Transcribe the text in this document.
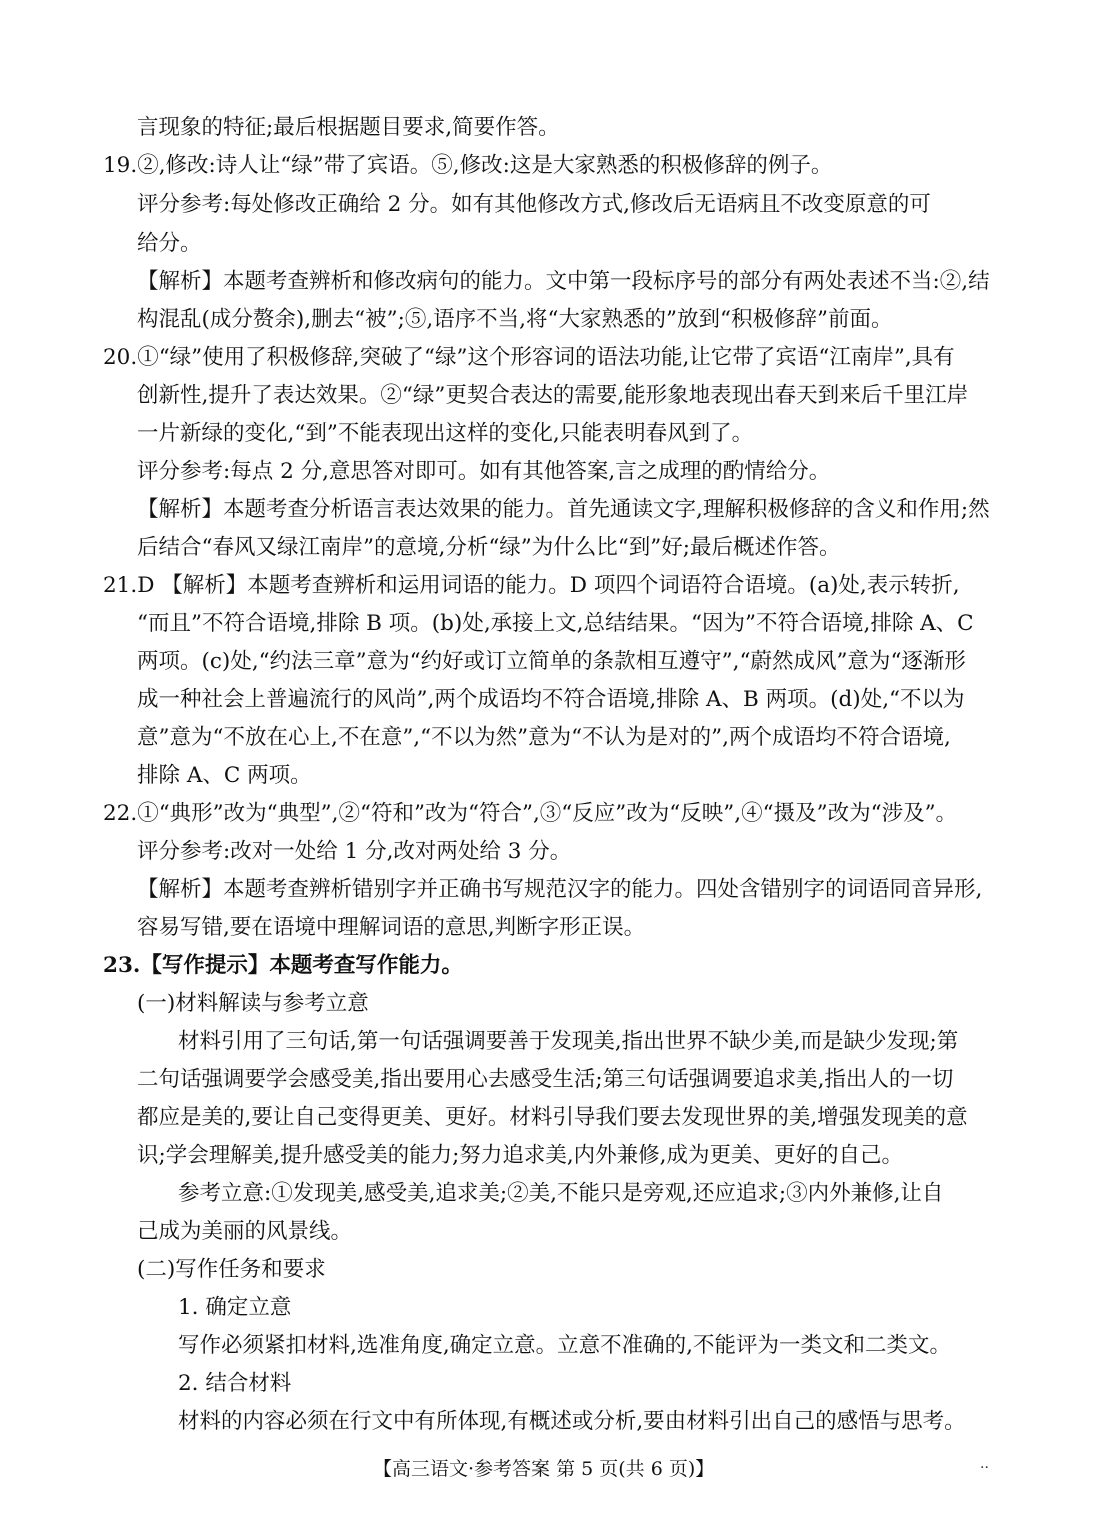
言现象的特征;最后根据题目要求,简要作答。
19.②,修改:诗人让“绿”带了宾语。⑤,修改:这是大家熟悉的积极修辞的例子。
评分参考:每处修改正确给 2 分。如有其他修改方式,修改后无语病且不改变原意的可
给分。
【解析】本题考查辨析和修改病句的能力。文中第一段标序号的部分有两处表述不当:②,结
构混乱(成分赘余),删去“被”;⑤,语序不当,将“大家熟悉的”放到“积极修辞”前面。
20.①“绿”使用了积极修辞,突破了“绿”这个形容词的语法功能,让它带了宾语“江南岸”,具有
创新性,提升了表达效果。②“绿”更契合表达的需要,能形象地表现出春天到来后千里江岸
一片新绿的变化,“到”不能表现出这样的变化,只能表明春风到了。
评分参考:每点 2 分,意思答对即可。如有其他答案,言之成理的酌情给分。
【解析】本题考查分析语言表达效果的能力。首先通读文字,理解积极修辞的含义和作用;然
后结合“春风又绿江南岸”的意境,分析“绿”为什么比“到”好;最后概述作答。
21.D 【解析】本题考查辨析和运用词语的能力。D 项四个词语符合语境。(a)处,表示转折,
“而且”不符合语境,排除 B 项。(b)处,承接上文,总结结果。“因为”不符合语境,排除 A、C
两项。(c)处,“约法三章”意为“约好或订立简单的条款相互遵守”,“蔚然成风”意为“逐渐形
成一种社会上普遍流行的风尚”,两个成语均不符合语境,排除 A、B 两项。(d)处,“不以为
意”意为“不放在心上,不在意”,“不以为然”意为“不认为是对的”,两个成语均不符合语境,
排除 A、C 两项。
22.①“典形”改为“典型”,②“符和”改为“符合”,③“反应”改为“反映”,④“摄及”改为“涉及”。
评分参考:改对一处给 1 分,改对两处给 3 分。
【解析】本题考查辨析错别字并正确书写规范汉字的能力。四处含错别字的词语同音异形,
容易写错,要在语境中理解词语的意思,判断字形正误。
23.【写作提示】本题考查写作能力。
(一)材料解读与参考立意
材料引用了三句话,第一句话强调要善于发现美,指出世界不缺少美,而是缺少发现;第
二句话强调要学会感受美,指出要用心去感受生活;第三句话强调要追求美,指出人的一切
都应是美的,要让自己变得更美、更好。材料引导我们要去发现世界的美,增强发现美的意
识;学会理解美,提升感受美的能力;努力追求美,内外兼修,成为更美、更好的自己。
参考立意:①发现美,感受美,追求美;②美,不能只是旁观,还应追求;③内外兼修,让自
己成为美丽的风景线。
(二)写作任务和要求
1. 确定立意
写作必须紧扣材料,选准角度,确定立意。立意不准确的,不能评为一类文和二类文。
2. 结合材料
材料的内容必须在行文中有所体现,有概述或分析,要由材料引出自己的感悟与思考。
【高三语文·参考答案 第 5 页(共 6 页)】	··
